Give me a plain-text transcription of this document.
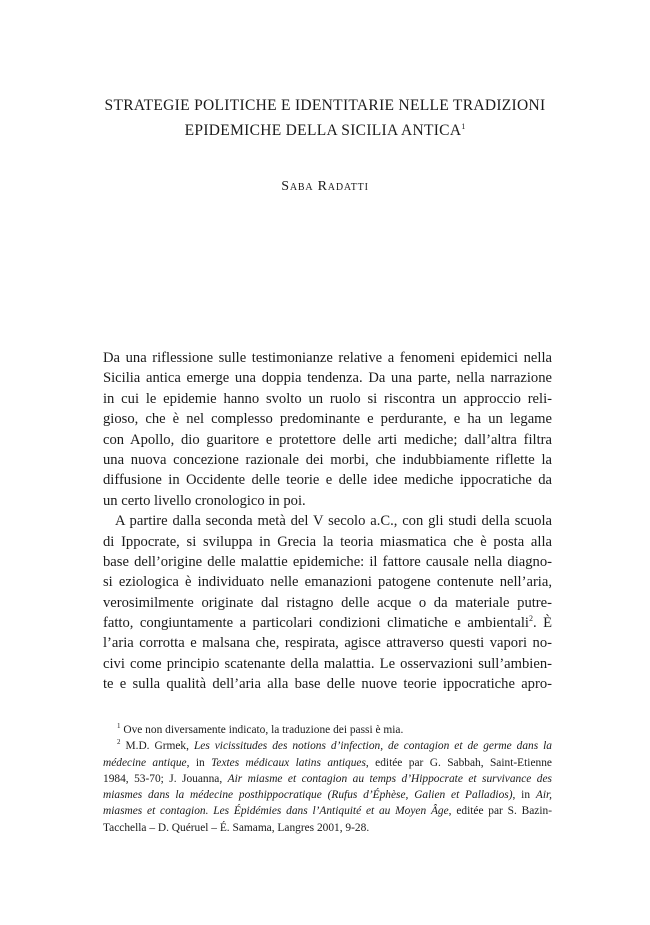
STRATEGIE POLITICHE E IDENTITARIE NELLE TRADIZIONI
EPIDEMICHE DELLA SICILIA ANTICA$^1$
Saba Radatti
Da una riflessione sulle testimonianze relative a fenomeni epidemici nella
Sicilia antica emerge una doppia tendenza. Da una parte, nella narrazione
in cui le epidemie hanno svolto un ruolo si riscontra un approccio reli-
gioso, che è nel complesso predominante e perdurante, e ha un legame
con Apollo, dio guaritore e protettore delle arti mediche; dall’altra filtra
una nuova concezione razionale dei morbi, che indubbiamente riflette la
diffusione in Occidente delle teorie e delle idee mediche ippocratiche da
un certo livello cronologico in poi.
A partire dalla seconda metà del V secolo a.C., con gli studi della scuola
di Ippocrate, si sviluppa in Grecia la teoria miasmatica che è posta alla
base dell’origine delle malattie epidemiche: il fattore causale nella diagno-
si eziologica è individuato nelle emanazioni patogene contenute nell’aria,
verosimilmente originate dal ristagno delle acque o da materiale putre-
fatto, congiuntamente a particolari condizioni climatiche e ambientali$^2$. È
l’aria corrotta e malsana che, respirata, agisce attraverso questi vapori no-
civi come principio scatenante della malattia. Le osservazioni sull’ambien-
te e sulla qualità dell’aria alla base delle nuove teorie ippocratiche apro-
$^1$ Ove non diversamente indicato, la traduzione dei passi è mia.
$^2$ M.D. Grmek, Les vicissitudes des notions d’infection, de contagion et de germe dans la
médecine antique, in Textes médicaux latins antiques, editée par G. Sabbah, Saint-Etienne
1984, 53-70; J. Jouanna, Air miasme et contagion au temps d’Hippocrate et survivance des
miasmes dans la médecine posthippocratique (Rufus d’Éphèse, Galien et Palladios), in Air,
miasmes et contagion. Les Épidémies dans l’Antiquité et au Moyen Âge, editée par S. Bazin-
Tacchella – D. Quéruel – É. Samama, Langres 2001, 9-28.
